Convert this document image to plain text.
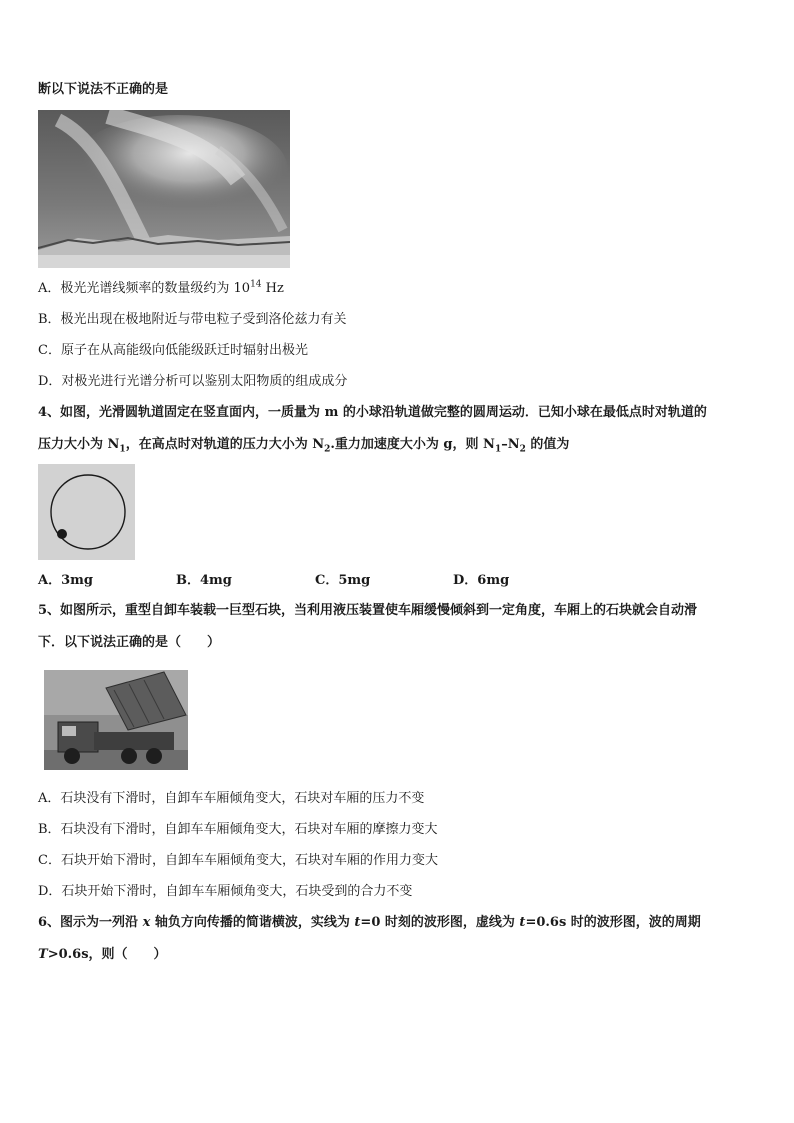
断以下说法不正确的是
A．极光光谱线频率的数量级约为 $10^{14}$ Hz
B．极光出现在极地附近与带电粒子受到洛伦兹力有关
C．原子在从高能级向低能级跃迁时辐射出极光
D．对极光进行光谱分析可以鉴别太阳物质的组成成分
4、如图，光滑圆轨道固定在竖直面内，一质量为 m 的小球沿轨道做完整的圆周运动．已知小球在最低点时对轨道的
压力大小为 $N_1$，在高点时对轨道的压力大小为 $N_2$.重力加速度大小为 g，则 $N_1-N_2$ 的值为
A．3mg	B．4mg	C．5mg	D．6mg
5、如图所示，重型自卸车装载一巨型石块，当利用液压装置使车厢缓慢倾斜到一定角度，车厢上的石块就会自动滑
下．以下说法正确的是（　　）
A．石块没有下滑时，自卸车车厢倾角变大，石块对车厢的压力不变
B．石块没有下滑时，自卸车车厢倾角变大，石块对车厢的摩擦力变大
C．石块开始下滑时，自卸车车厢倾角变大，石块对车厢的作用力变大
D．石块开始下滑时，自卸车车厢倾角变大，石块受到的合力不变
6、图示为一列沿 x 轴负方向传播的简谐横波，实线为 t=0 时刻的波形图，虚线为 t=0.6s 时的波形图，波的周期
T>0.6s，则（　　）
